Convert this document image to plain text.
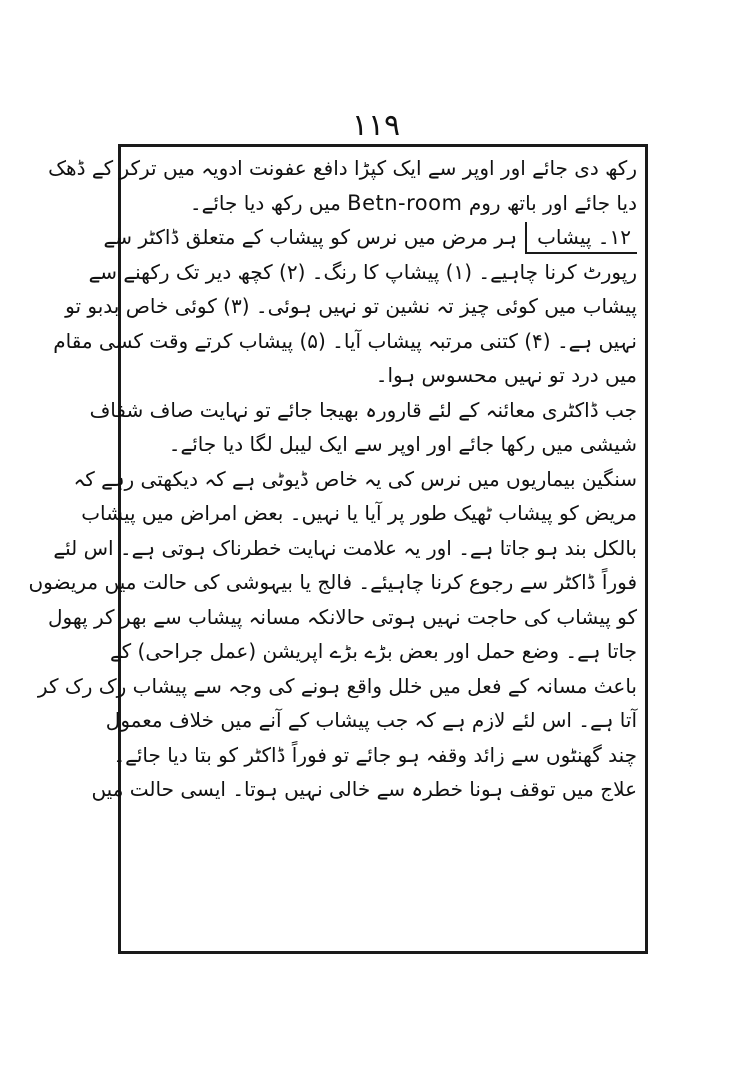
۱۱۹
رکھ دی جائے اور اوپر سے ایک کپڑا دافع عفونت ادویہ میں ترکر کے ڈھک
دیا جائے اور باتھ روم Betn-room میں رکھ دیا جائے۔
۱۲۔ پیشابہر مرض میں نرس کو پیشاب کے متعلق ڈاکٹر سے
رپورٹ کرنا چاہیے۔ (۱) پیشاپ کا رنگ۔ (۲) کچھ دیر تک رکھنے سے
پیشاب میں کوئی چیز تہ نشین تو نہیں ہوئی۔ (۳) کوئی خاص بدبو تو
نہیں ہے۔ (۴) کتنی مرتبہ پیشاب آیا۔ (۵) پیشاب کرتے وقت کسی مقام
میں درد تو نہیں محسوس ہوا۔
جب ڈاکٹری معائنہ کے لئے قارورہ بھیجا جائے تو نہایت صاف شفاف
شیشی میں رکھا جائے اور اوپر سے ایک لیبل لگا دیا جائے۔
سنگین بیماریوں میں نرس کی یہ خاص ڈیوٹی ہے کہ دیکھتی رہے کہ
مریض کو پیشاب ٹھیک طور پر آیا یا نہیں۔ بعض امراض میں پیشاب
بالکل بند ہو جاتا ہے۔ اور یہ علامت نہایت خطرناک ہوتی ہے۔ اس لئے
فوراً ڈاکٹر سے رجوع کرنا چاہیئے۔ فالج یا بیہوشی کی حالت میں مریضوں
کو پیشاب کی حاجت نہیں ہوتی حالانکہ مسانہ پیشاب سے بھر کر پھول
جاتا ہے۔ وضع حمل اور بعض بڑے بڑے اپریشن (عمل جراحی) کے
باعث مسانہ کے فعل میں خلل واقع ہونے کی وجہ سے پیشاب رک رک کر
آتا ہے۔ اس لئے لازم ہے کہ جب پیشاب کے آنے میں خلاف معمول
چند گھنٹوں سے زائد وقفہ ہو جائے تو فوراً ڈاکٹر کو بتا دیا جائے۔
علاج میں توقف ہونا خطرہ سے خالی نہیں ہوتا۔ ایسی حالت میں
